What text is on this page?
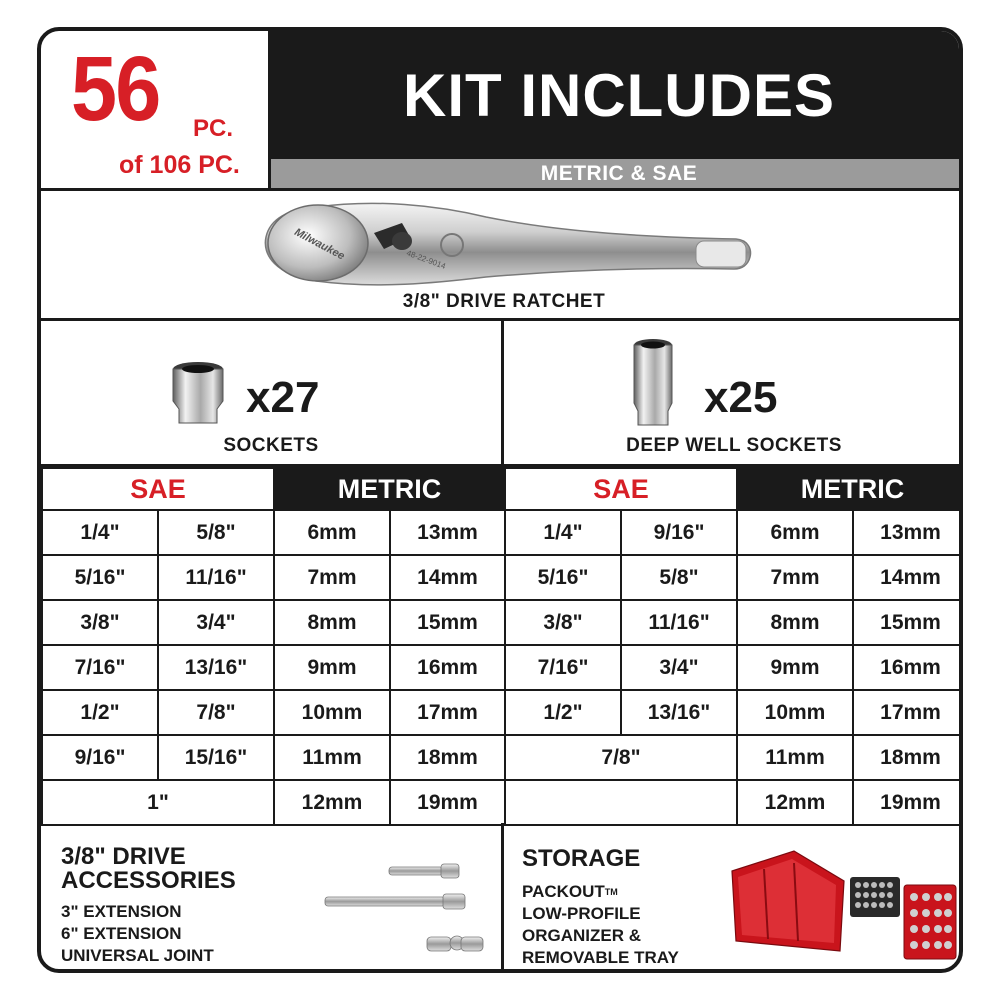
56 PC.
of 106 PC.
KIT INCLUDES
METRIC & SAE
Milwaukee	48-22-9014
3/8" DRIVE RATCHET
x27
SOCKETS
x25
DEEP WELL SOCKETS
SAE		METRIC		SAE		METRIC	
1/4"	5/8"	6mm	13mm	1/4"	9/16"	6mm	13mm
5/16"	11/16"	7mm	14mm	5/16"	5/8"	7mm	14mm
3/8"	3/4"	8mm	15mm	3/8"	11/16"	8mm	15mm
7/16"	13/16"	9mm	16mm	7/16"	3/4"	9mm	16mm
1/2"	7/8"	10mm	17mm	1/2"	13/16"	10mm	17mm
9/16"	15/16"	11mm	18mm	7/8"		11mm	18mm
1"		12mm	19mm			12mm	19mm
3/8" DRIVE
ACCESSORIES
3" EXTENSION
6" EXTENSION
UNIVERSAL JOINT
STORAGE
PACKOUT™
LOW-PROFILE
ORGANIZER &
REMOVABLE TRAY
